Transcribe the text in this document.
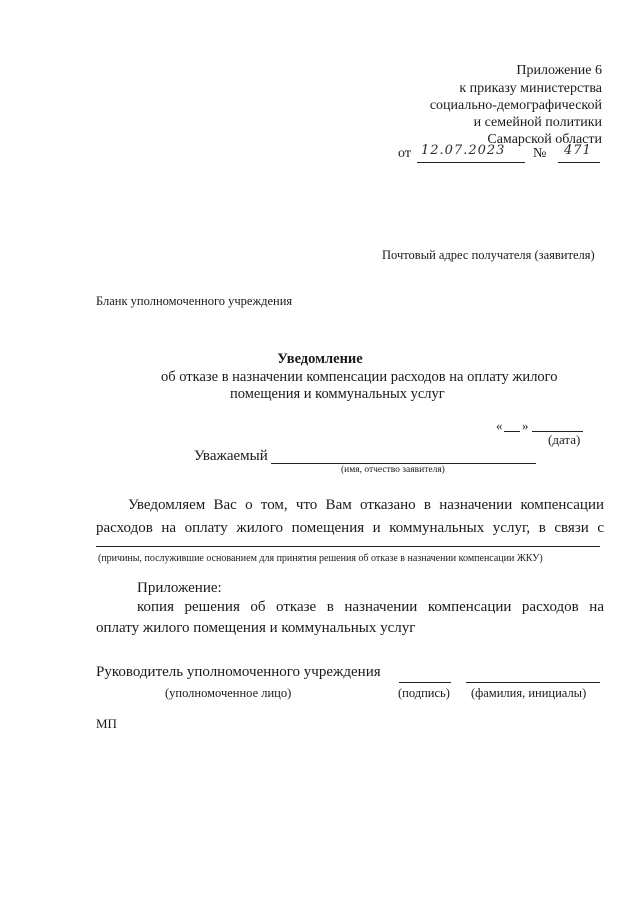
Приложение 6
к приказу министерства
социально-демографической
и семейной политики
Самарской области
от 12.07.2023 № 471
Почтовый адрес получателя (заявителя)
Бланк уполномоченного учреждения
Уведомление
об отказе в назначении компенсации расходов на оплату жилого
помещения и коммунальных услуг
« »
(дата)
Уважаемый
(имя, отчество заявителя)
Уведомляем Вас о том, что Вам отказано в назначении компенсации
расходов на оплату жилого помещения и коммунальных услуг, в связи с
(причины, послужившие основанием для принятия решения об отказе в назначении компенсации ЖКУ)
Приложение:
копия решения об отказе в назначении компенсации расходов на
оплату жилого помещения и коммунальных услуг
Руководитель уполномоченного учреждения
(уполномоченное лицо)	(подпись) (фамилия, инициалы)
МП
